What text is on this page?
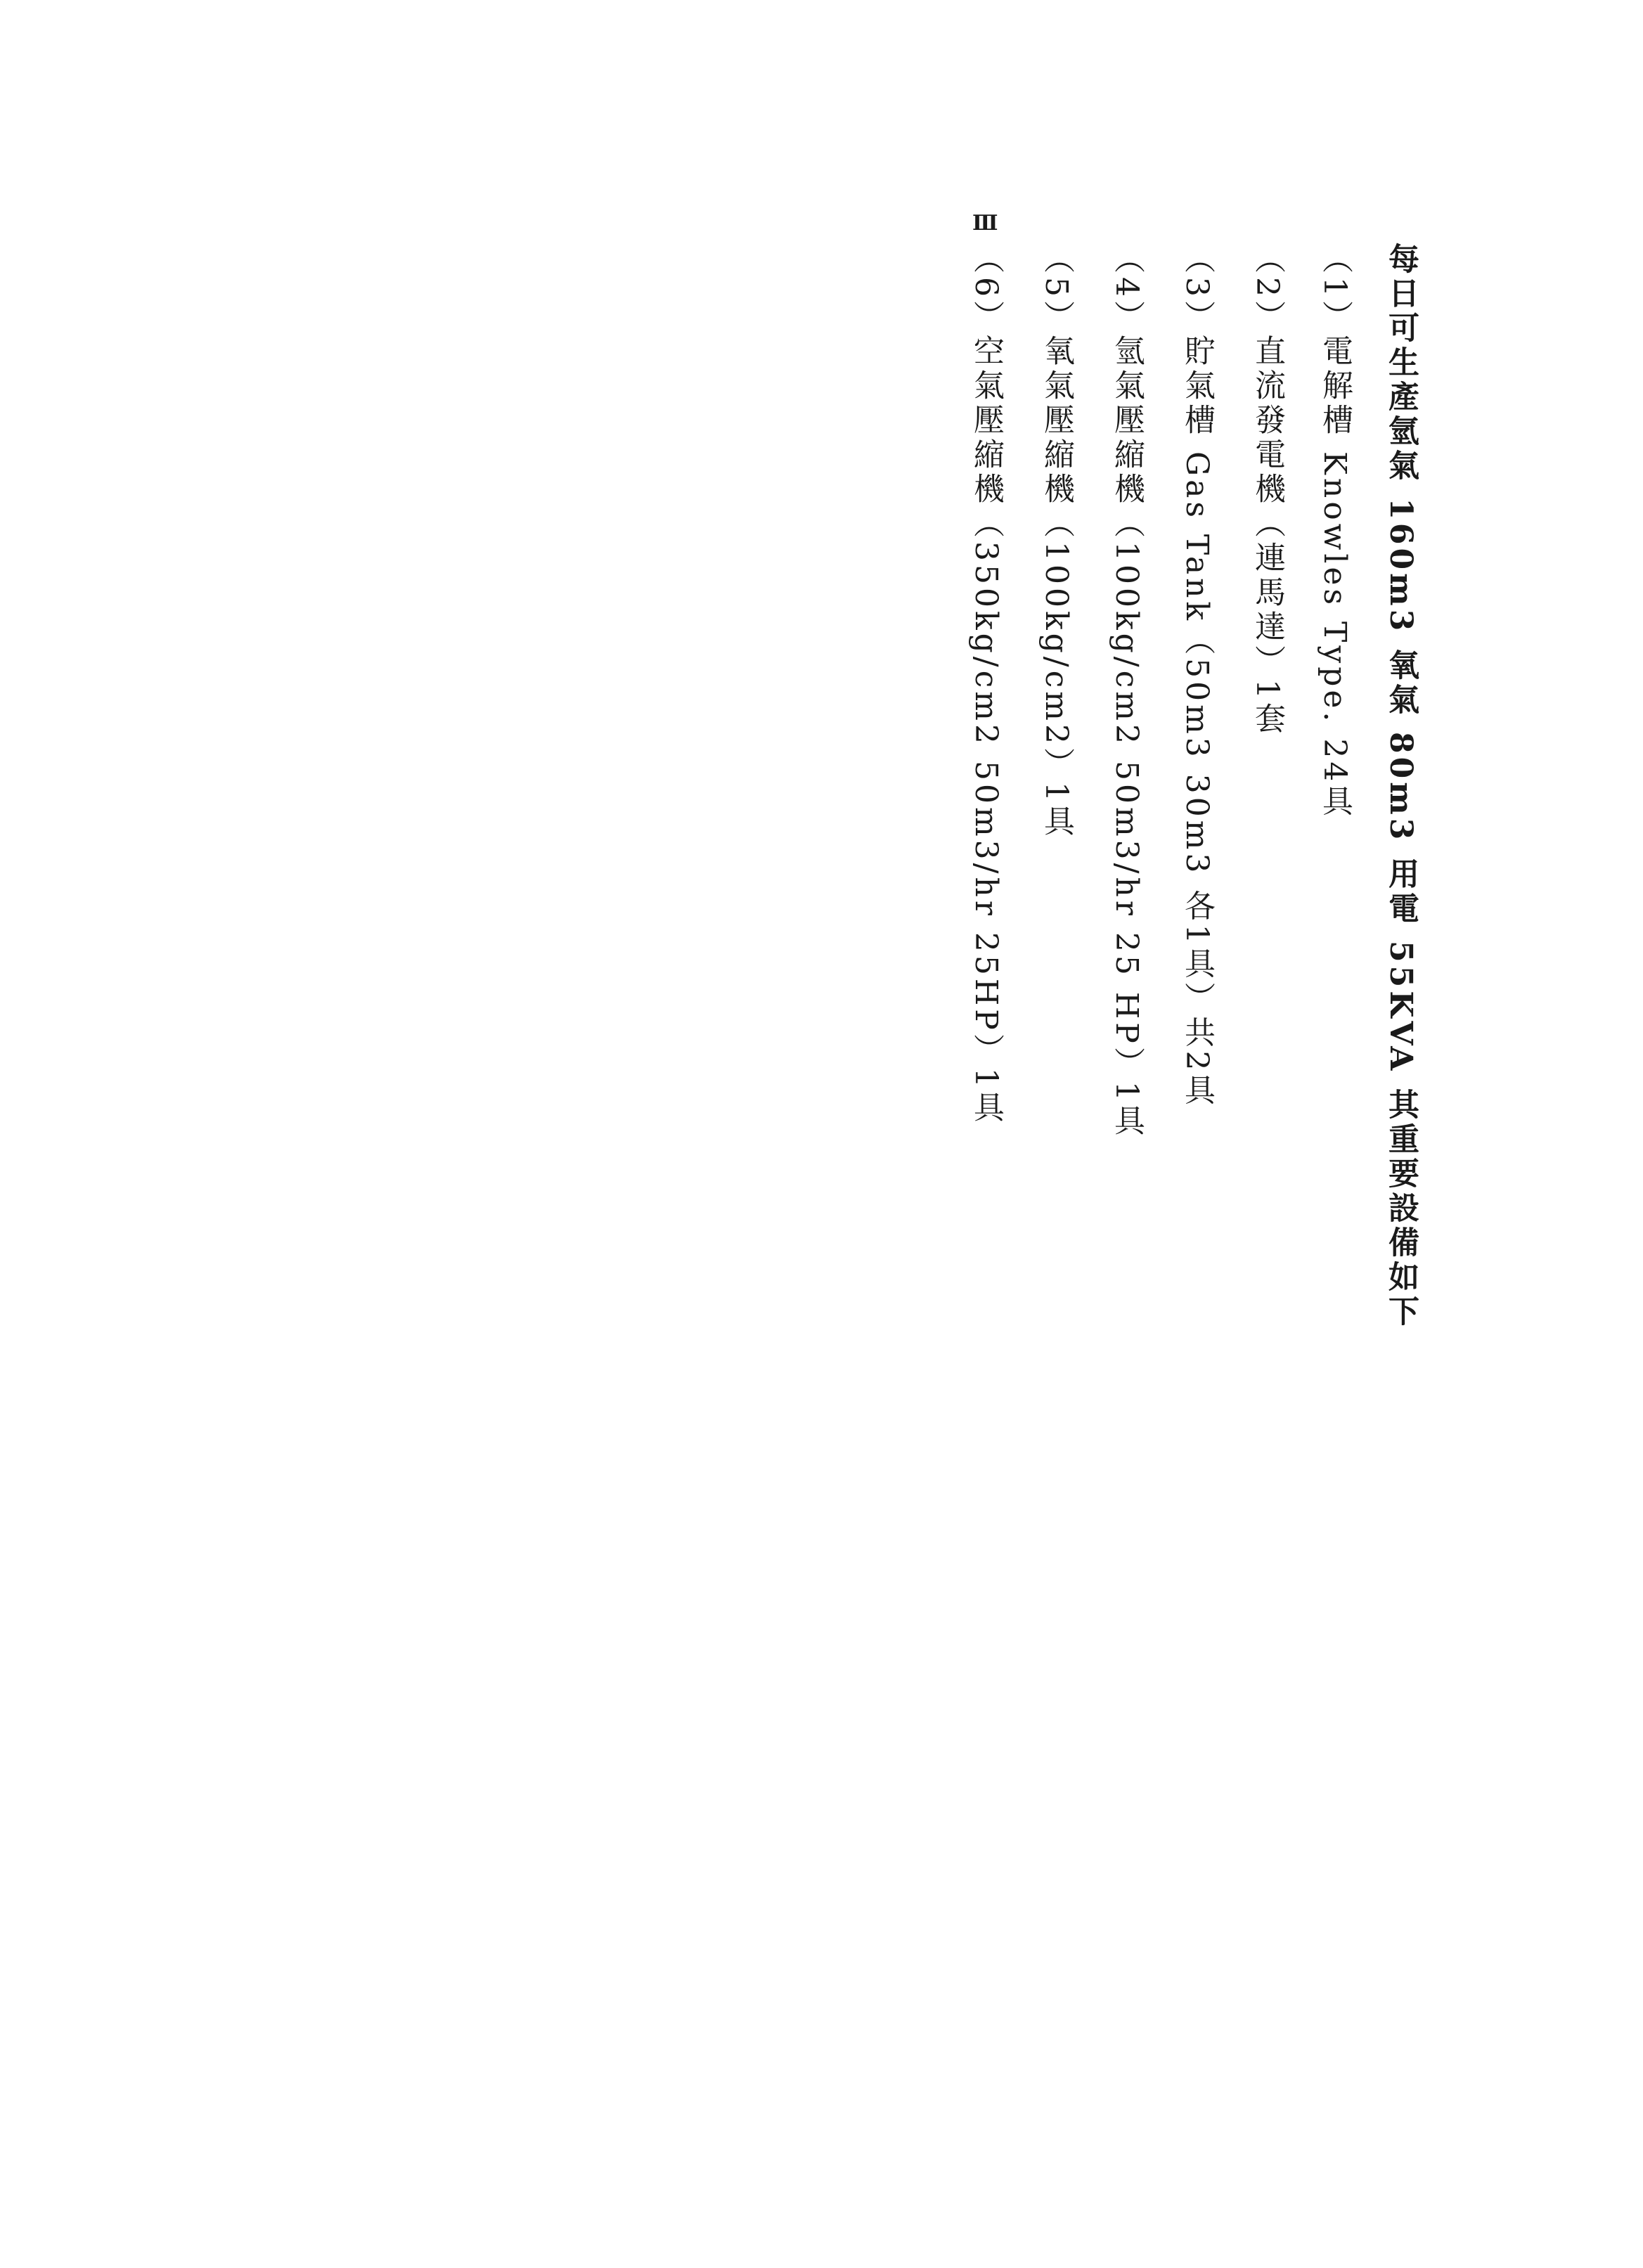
每日可生產氫氣 160m3 氧氣 80m3 用電 55KVA 其重要設備如下
（1）電解槽 Knowles Type. 24具
（2）直流發電機（連馬達）1套
（3）貯氣槽 Gas Tank（50m3 30m3 各1具）共2具
（4）氫氣壓縮機（100kg/cm2 50m3/hr 25 HP）1具
（5）氧氣壓縮機（100kg/cm2）1具
（6）空氣壓縮機（350kg/cm2 50m3/hr 25HP）1具
Ⅲ
